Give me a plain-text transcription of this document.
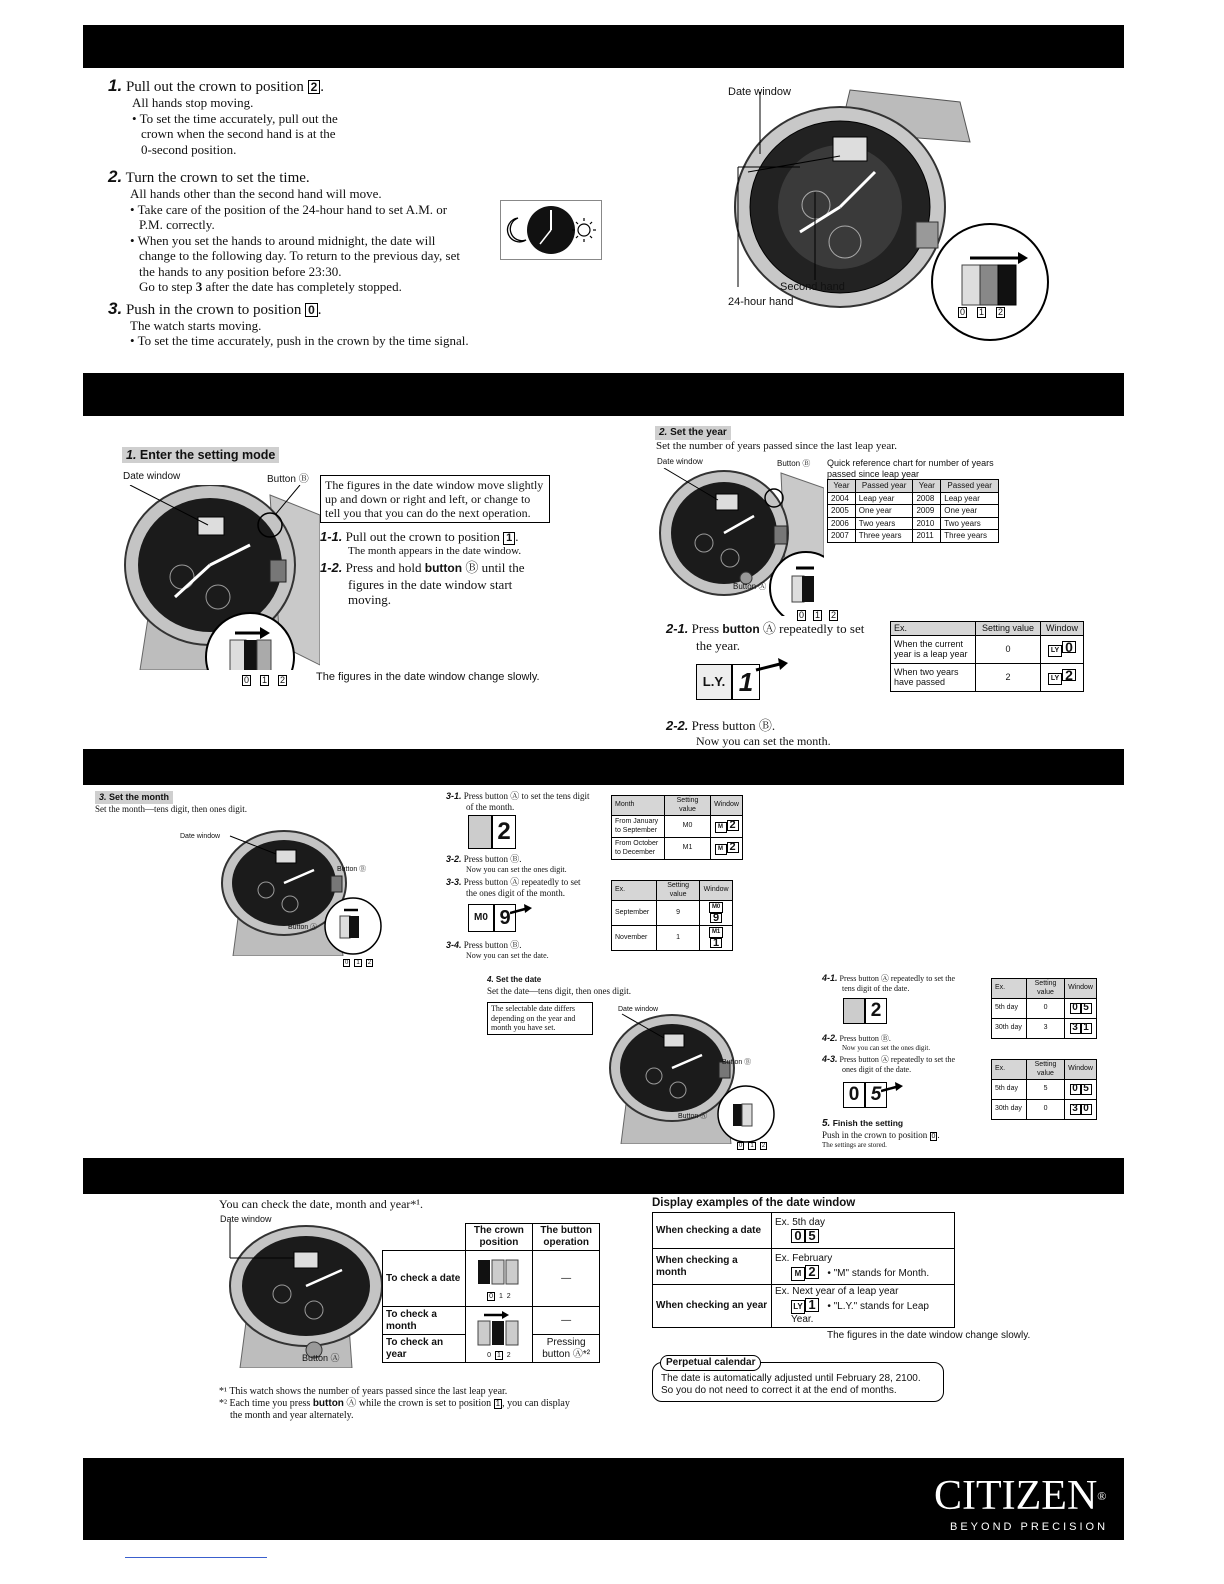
1. Pull out the crown to position 2 .
All hands stop moving.
• To set the time accurately, pull out the
crown when the second hand is at the
0-second position.
2. Turn the crown to set the time.
All hands other than the second hand will move.
• Take care of the position of the 24-hour hand to set A.M. or
P.M. correctly.
• When you set the hands to around midnight, the date will
change to the following day. To return to the previous day, set
the hands to any position before 23:30.
Go to step 3 after the date has completely stopped.
3. Push in the crown to position 0 .
The watch starts moving.
• To set the time accurately, push in the crown by the time signal.
Date window
Second hand
24-hour hand
0 1 2
1. Enter the setting mode
Date window	Button Ⓑ
0 1 2
The figures in the date window move slightly
up and down or right and left, or change to
tell you that you can do the next operation.
1-1. Pull out the crown to position 1 .
The month appears in the date window.
1-2. Press and hold button Ⓑ until the
figures in the date window start
moving.
The figures in the date window change slowly.
2. Set the year
Set the number of years passed since the last leap year.
Date window	Button Ⓑ
Button Ⓐ
0 1 2
Quick reference chart for number of years
passed since leap year
Year	Passed year	Year	Passed year
2004	Leap year	2008	Leap year
2005	One year	2009	One year
2006	Two years	2010	Two years
2007	Three years	2011	Three years
2-1. Press button Ⓐ repeatedly to set
the year.
L.Y. 1
Ex.	Setting value	Window
When the current year is a leap year	0	LY 0
When two years have passed	2	LY 2
2-2. Press button Ⓑ.
Now you can set the month.
3. Set the month
Set the month—tens digit, then ones digit.
Date window
Button Ⓑ
Button Ⓐ
0 1 2
3-1. Press button Ⓐ to set the tens digit
of the month.
2
Month	Setting value	Window
From January to September	M0	M 2
From October to December	M1	M 2
3-2. Press button Ⓑ.
Now you can set the ones digit.
3-3. Press button Ⓐ repeatedly to set
the ones digit of the month.
M0 9
Ex.	Setting value	Window
September	9	M09
November	1	M11
3-4. Press button Ⓑ.
Now you can set the date.
4. Set the date
Set the date—tens digit, then ones digit.
The selectable date differs
depending on the year and
month you have set.
Date window
Button Ⓑ
Button Ⓐ
0 1 2
4-1. Press button Ⓐ repeatedly to set the
tens digit of the date.
2
Ex.	Setting value	Window
5th day	0	0 5
30th day	3	3 1
4-2. Press button Ⓑ.
Now you can set the ones digit.
4-3. Press button Ⓐ repeatedly to set the
ones digit of the date.
0 5
Ex.	Setting value	Window
5th day	5	0 5
30th day	0	3 0
5. Finish the setting
Push in the crown to position 0 .
The settings are stored.
You can check the date, month and year*¹.
Date window
Button Ⓐ
	The crown position	The button operation
To check a date	0 1 2	—
To check a month	0 1 2	—
To check an year		Pressing button Ⓐ*²
*¹ This watch shows the number of years passed since the last leap year.
*² Each time you press button Ⓐ while the crown is set to position 1 , you can display
the month and year alternately.
Display examples of the date window
When checking a date	Ex. 5th day
0 5

When checking a month	Ex. February
M 2 • "M" stands for Month.

When checking an year	Ex. Next year of a leap year
LY 1 • "L.Y." stands for Leap Year.
The figures in the date window change slowly.
The date is automatically adjusted until February 28, 2100.
So you do not need to correct it at the end of months.
Perpetual calendar
CITIZEN®
BEYOND PRECISION
